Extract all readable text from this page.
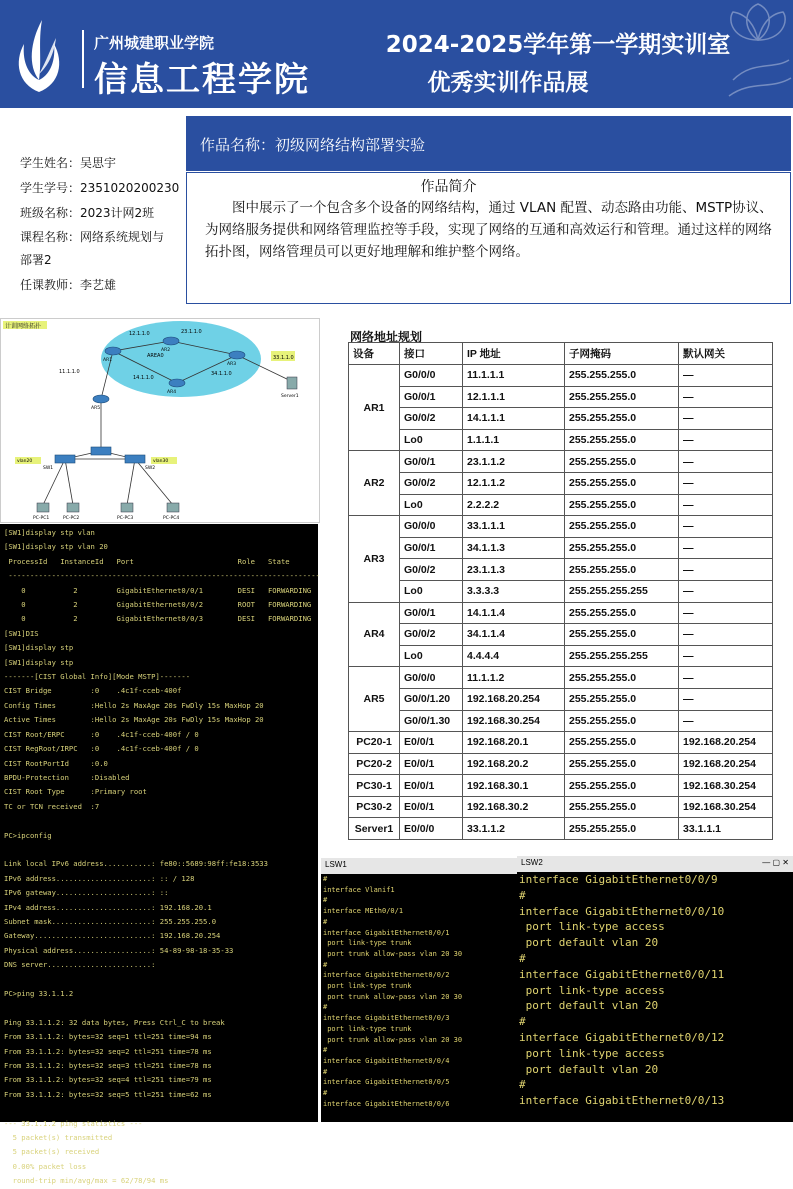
广州城建职业学院
信息工程学院
2024-2025学年第一学期实训室
优秀实训作品展
学生姓名：吴思宇
学生学号：2351020200230
班级名称：2023计网2班
课程名称：网络系统规划与
部署2
任课教师：李艺雄
作品名称：初级网络结构部署实验
作品简介
图中展示了一个包含多个设备的网络结构，通过 VLAN 配置、动态路由功能、MSTP协议、为网络服务提供和网络管理监控等手段，实现了网络的互通和高效运行和管理。通过这样的网络拓扑图，网络管理员可以更好地理解和维护整个网络。
计训网络拓扑
AREA0
12.1.1.0	23.1.1.0
33.1.1.0
14.1.1.0
34.1.1.0
11.1.1.0
AR1
AR2
AR3
AR4
AR5
SW1	SW2
Server1
PC-PC1	PC-PC2	PC-PC3	PC-PC4
vlan20	vlan30
网络地址规划
设备	接口	IP 地址	子网掩码	默认网关
AR1	G0/0/0	11.1.1.1	255.255.255.0	—
	G0/0/1	12.1.1.1	255.255.255.0	—
	G0/0/2	14.1.1.1	255.255.255.0	—
	Lo0	1.1.1.1	255.255.255.0	—
AR2	G0/0/1	23.1.1.2	255.255.255.0	—
	G0/0/2	12.1.1.2	255.255.255.0	—
	Lo0	2.2.2.2	255.255.255.0	—
AR3	G0/0/0	33.1.1.1	255.255.255.0	—
	G0/0/1	34.1.1.3	255.255.255.0	—
	G0/0/2	23.1.1.3	255.255.255.0	—
	Lo0	3.3.3.3	255.255.255.255	—
AR4	G0/0/1	14.1.1.4	255.255.255.0	—
	G0/0/2	34.1.1.4	255.255.255.0	—
	Lo0	4.4.4.4	255.255.255.255	—
AR5	G0/0/0	11.1.1.2	255.255.255.0	—
	G0/0/1.20	192.168.20.254	255.255.255.0	—
	G0/0/1.30	192.168.30.254	255.255.255.0	—
PC20-1	E0/0/1	192.168.20.1	255.255.255.0	192.168.20.254
PC20-2	E0/0/1	192.168.20.2	255.255.255.0	192.168.20.254
PC30-1	E0/0/1	192.168.30.1	255.255.255.0	192.168.30.254
PC30-2	E0/0/1	192.168.30.2	255.255.255.0	192.168.30.254
Server1	E0/0/0	33.1.1.2	255.255.255.0	33.1.1.1
[SW1]display stp vlan
[SW1]display stp vlan 20
ProcessId   InstanceId   Port                        Role   State
------------------------------------------------------------------------
0           2         GigabitEthernet0/0/1        DESI   FORWARDING
0           2         GigabitEthernet0/0/2        ROOT   FORWARDING
0           2         GigabitEthernet0/0/3        DESI   FORWARDING
[SW1]DIS
[SW1]display stp
[SW1]display stp
-------[CIST Global Info][Mode MSTP]-------
CIST Bridge         :0    .4c1f-cceb-400f
Config Times        :Hello 2s MaxAge 20s FwDly 15s MaxHop 20
Active Times        :Hello 2s MaxAge 20s FwDly 15s MaxHop 20
CIST Root/ERPC      :0    .4c1f-cceb-400f / 0
CIST RegRoot/IRPC   :0    .4c1f-cceb-400f / 0
CIST RootPortId     :0.0
BPDU-Protection     :Disabled
CIST Root Type      :Primary root
TC or TCN received  :7

PC>ipconfig

Link local IPv6 address...........: fe80::5689:98ff:fe18:3533
IPv6 address......................: :: / 128
IPv6 gateway......................: ::
IPv4 address......................: 192.168.20.1
Subnet mask.......................: 255.255.255.0
Gateway...........................: 192.168.20.254
Physical address..................: 54-89-98-18-35-33
DNS server........................:

PC>ping 33.1.1.2

Ping 33.1.1.2: 32 data bytes, Press Ctrl_C to break
From 33.1.1.2: bytes=32 seq=1 ttl=251 time=94 ms
From 33.1.1.2: bytes=32 seq=2 ttl=251 time=78 ms
From 33.1.1.2: bytes=32 seq=3 ttl=251 time=78 ms
From 33.1.1.2: bytes=32 seq=4 ttl=251 time=79 ms
From 33.1.1.2: bytes=32 seq=5 ttl=251 time=62 ms

--- 33.1.1.2 ping statistics ---
5 packet(s) transmitted
5 packet(s) received
0.00% packet loss
round-trip min/avg/max = 62/78/94 ms
LSW1
#
interface Vlanif1
#
interface MEth0/0/1
#
interface GigabitEthernet0/0/1
port link-type trunk
port trunk allow-pass vlan 20 30
#
interface GigabitEthernet0/0/2
port link-type trunk
port trunk allow-pass vlan 20 30
#
interface GigabitEthernet0/0/3
port link-type trunk
port trunk allow-pass vlan 20 30
#
interface GigabitEthernet0/0/4
#
interface GigabitEthernet0/0/5
#
interface GigabitEthernet0/0/6
LSW2	— ▢ ✕
interface GigabitEthernet0/0/9
#
interface GigabitEthernet0/0/10
port link-type access
port default vlan 20
#
interface GigabitEthernet0/0/11
port link-type access
port default vlan 20
#
interface GigabitEthernet0/0/12
port link-type access
port default vlan 20
#
interface GigabitEthernet0/0/13
